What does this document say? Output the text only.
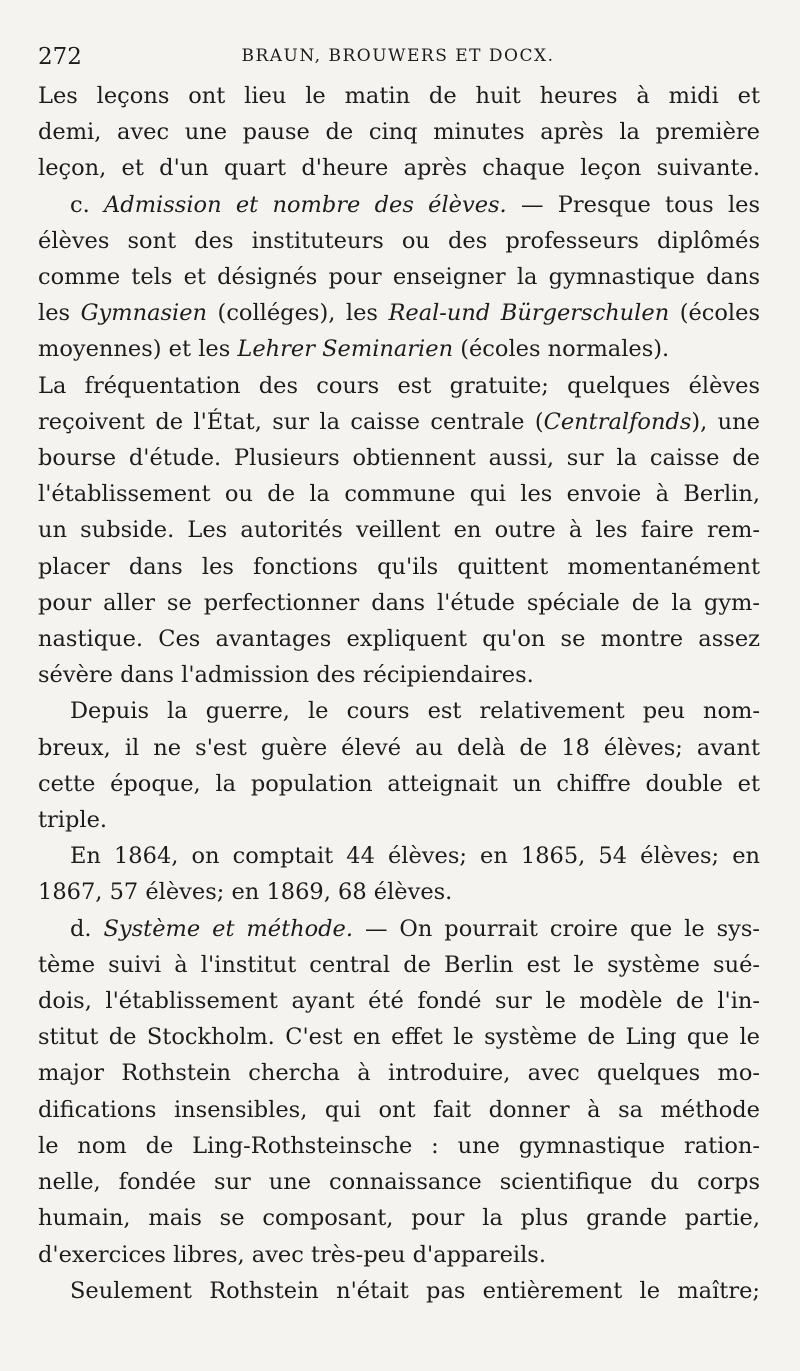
272	BRAUN, BROUWERS ET DOCX.
Les leçons ont lieu le matin de huit heures à midi et
demi, avec une pause de cinq minutes après la première
leçon, et d'un quart d'heure après chaque leçon suivante.
c. Admission et nombre des élèves. — Presque tous les
élèves sont des instituteurs ou des professeurs diplômés
comme tels et désignés pour enseigner la gymnastique dans
les Gymnasien (colléges), les Real-und Bürgerschulen (écoles
moyennes) et les Lehrer Seminarien (écoles normales).
La fréquentation des cours est gratuite; quelques élèves
reçoivent de l'État, sur la caisse centrale (Centralfonds), une
bourse d'étude. Plusieurs obtiennent aussi, sur la caisse de
l'établissement ou de la commune qui les envoie à Berlin,
un subside. Les autorités veillent en outre à les faire rem-
placer dans les fonctions qu'ils quittent momentanément
pour aller se perfectionner dans l'étude spéciale de la gym-
nastique. Ces avantages expliquent qu'on se montre assez
sévère dans l'admission des récipiendaires.
Depuis la guerre, le cours est relativement peu nom-
breux, il ne s'est guère élevé au delà de 18 élèves; avant
cette époque, la population atteignait un chiffre double et
triple.
En 1864, on comptait 44 élèves; en 1865, 54 élèves; en
1867, 57 élèves; en 1869, 68 élèves.
d. Système et méthode. — On pourrait croire que le sys-
tème suivi à l'institut central de Berlin est le système sué-
dois, l'établissement ayant été fondé sur le modèle de l'in-
stitut de Stockholm. C'est en effet le système de Ling que le
major Rothstein chercha à introduire, avec quelques mo-
difications insensibles, qui ont fait donner à sa méthode
le nom de Ling-Rothsteinsche : une gymnastique ration-
nelle, fondée sur une connaissance scientifique du corps
humain, mais se composant, pour la plus grande partie,
d'exercices libres, avec très-peu d'appareils.
Seulement Rothstein n'était pas entièrement le maître;
